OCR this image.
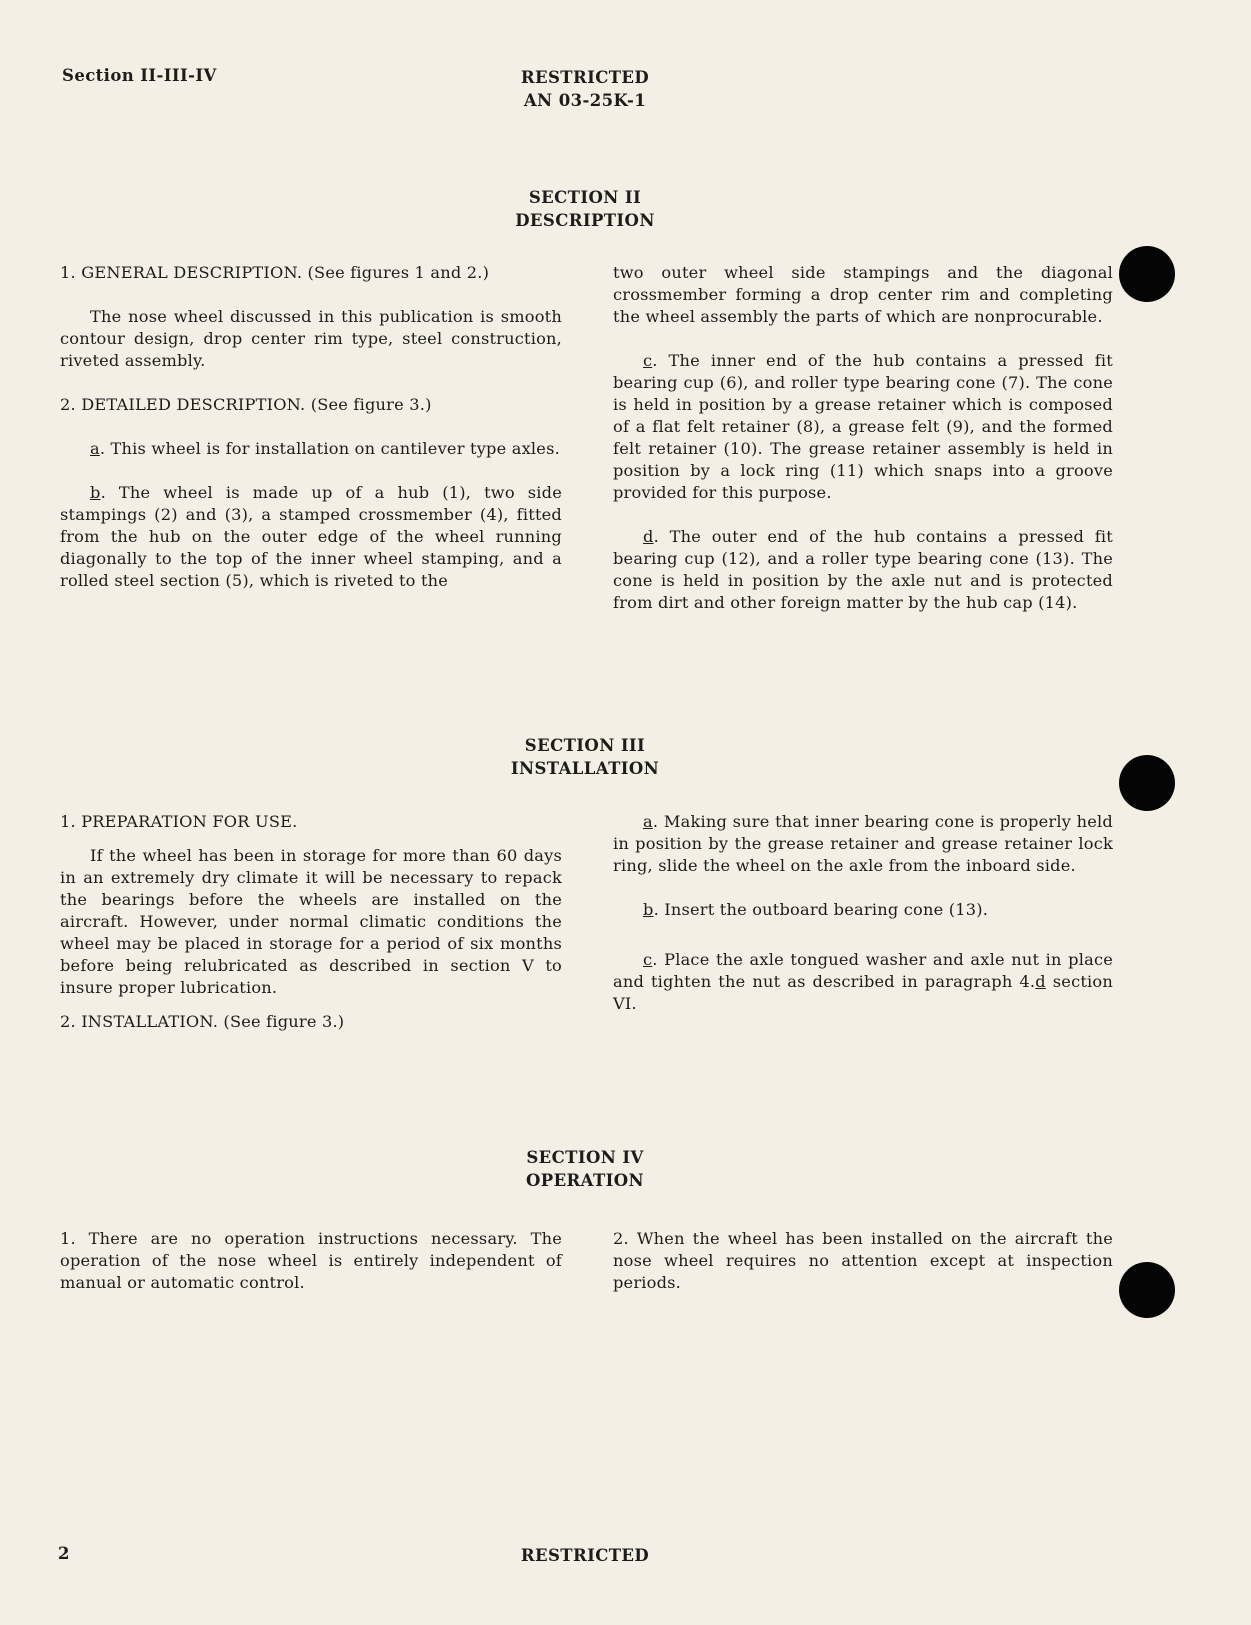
Section II-III-IV	RESTRICTED
AN 03-25K-1
SECTION II
DESCRIPTION

1. GENERAL DESCRIPTION. (See figures 1 and 2.)

The nose wheel discussed in this publication is smooth contour design, drop center rim type, steel construction, riveted assembly.

2. DETAILED DESCRIPTION. (See figure 3.)

a. This wheel is for installation on cantilever type axles.

b. The wheel is made up of a hub (1), two side stampings (2) and (3), a stamped crossmember (4), fitted from the hub on the outer edge of the wheel running diagonally to the top of the inner wheel stamping, and a rolled steel section (5), which is riveted to the

two outer wheel side stampings and the diagonal crossmember forming a drop center rim and completing the wheel assembly the parts of which are nonprocurable.

c. The inner end of the hub contains a pressed fit bearing cup (6), and roller type bearing cone (7). The cone is held in position by a grease retainer which is composed of a flat felt retainer (8), a grease felt (9), and the formed felt retainer (10). The grease retainer assembly is held in position by a lock ring (11) which snaps into a groove provided for this purpose.

d. The outer end of the hub contains a pressed fit bearing cup (12), and a roller type bearing cone (13). The cone is held in position by the axle nut and is protected from dirt and other foreign matter by the hub cap (14).

SECTION III
INSTALLATION

1. PREPARATION FOR USE.

If the wheel has been in storage for more than 60 days in an extremely dry climate it will be necessary to repack the bearings before the wheels are installed on the aircraft. However, under normal climatic conditions the wheel may be placed in storage for a period of six months before being relubricated as described in section V to insure proper lubrication.

2. INSTALLATION. (See figure 3.)

a. Making sure that inner bearing cone is properly held in position by the grease retainer and grease retainer lock ring, slide the wheel on the axle from the inboard side.

b. Insert the outboard bearing cone (13).

c. Place the axle tongued washer and axle nut in place and tighten the nut as described in paragraph 4.d section VI.

SECTION IV
OPERATION

1. There are no operation instructions necessary. The operation of the nose wheel is entirely independent of manual or automatic control.

2. When the wheel has been installed on the aircraft the nose wheel requires no attention except at inspection periods.

2	RESTRICTED
